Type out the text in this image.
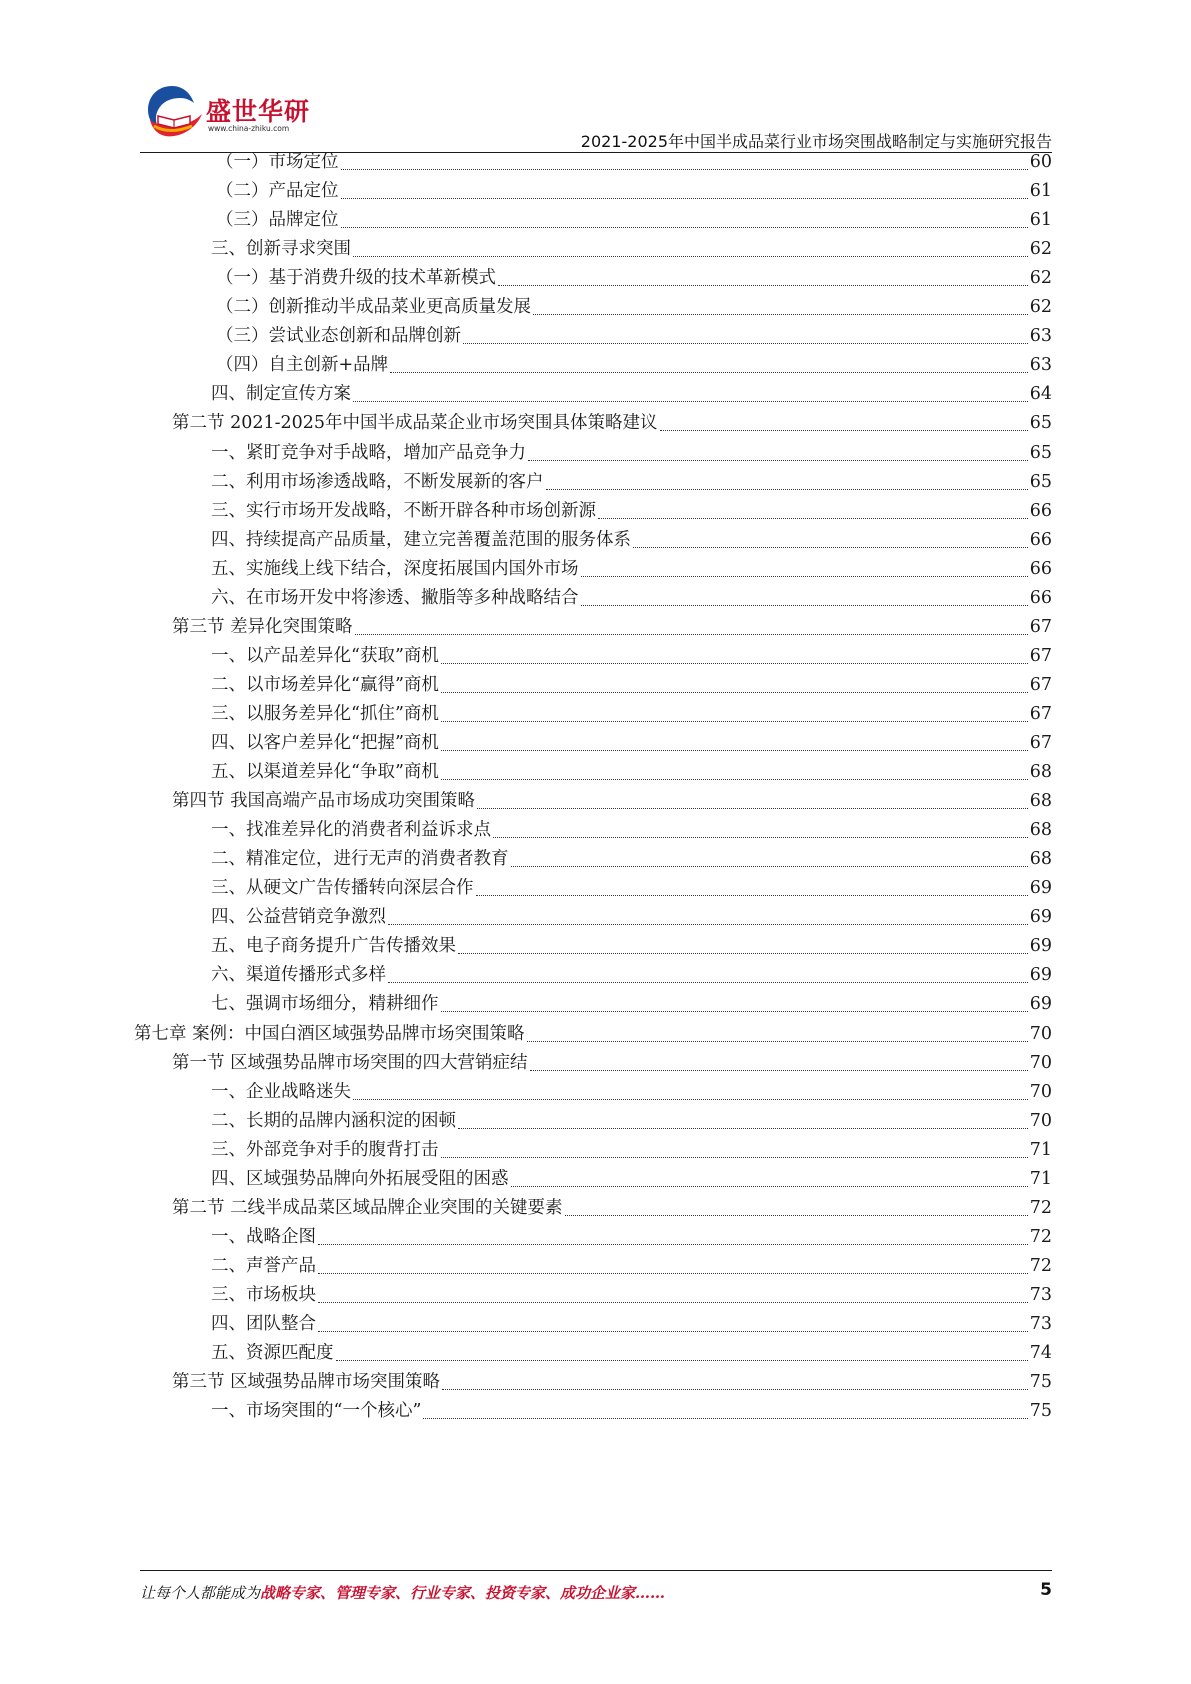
盛世华研
www.china-zhiku.com
2021-2025年中国半成品菜行业市场突围战略制定与实施研究报告
（一）市场定位	60
（二）产品定位	61
（三）品牌定位	61
三、创新寻求突围	62
（一）基于消费升级的技术革新模式	62
（二）创新推动半成品菜业更高质量发展	62
（三）尝试业态创新和品牌创新	63
（四）自主创新+品牌	63
四、制定宣传方案	64
第二节 2021-2025年中国半成品菜企业市场突围具体策略建议	65
一、紧盯竞争对手战略，增加产品竞争力	65
二、利用市场渗透战略，不断发展新的客户	65
三、实行市场开发战略，不断开辟各种市场创新源	66
四、持续提高产品质量，建立完善覆盖范围的服务体系	66
五、实施线上线下结合，深度拓展国内国外市场	66
六、在市场开发中将渗透、撇脂等多种战略结合	66
第三节 差异化突围策略	67
一、以产品差异化“获取”商机	67
二、以市场差异化“赢得”商机	67
三、以服务差异化“抓住”商机	67
四、以客户差异化“把握”商机	67
五、以渠道差异化“争取”商机	68
第四节 我国高端产品市场成功突围策略	68
一、找准差异化的消费者利益诉求点	68
二、精准定位，进行无声的消费者教育	68
三、从硬文广告传播转向深层合作	69
四、公益营销竞争激烈	69
五、电子商务提升广告传播效果	69
六、渠道传播形式多样	69
七、强调市场细分，精耕细作	69
第七章 案例：中国白酒区域强势品牌市场突围策略	70
第一节 区域强势品牌市场突围的四大营销症结	70
一、企业战略迷失	70
二、长期的品牌内涵积淀的困顿	70
三、外部竞争对手的腹背打击	71
四、区域强势品牌向外拓展受阻的困惑	71
第二节 二线半成品菜区域品牌企业突围的关键要素	72
一、战略企图	72
二、声誉产品	72
三、市场板块	73
四、团队整合	73
五、资源匹配度	74
第三节 区域强势品牌市场突围策略	75
一、市场突围的“一个核心”	75
让每个人都能成为战略专家、管理专家、行业专家、投资专家、成功企业家……	5
